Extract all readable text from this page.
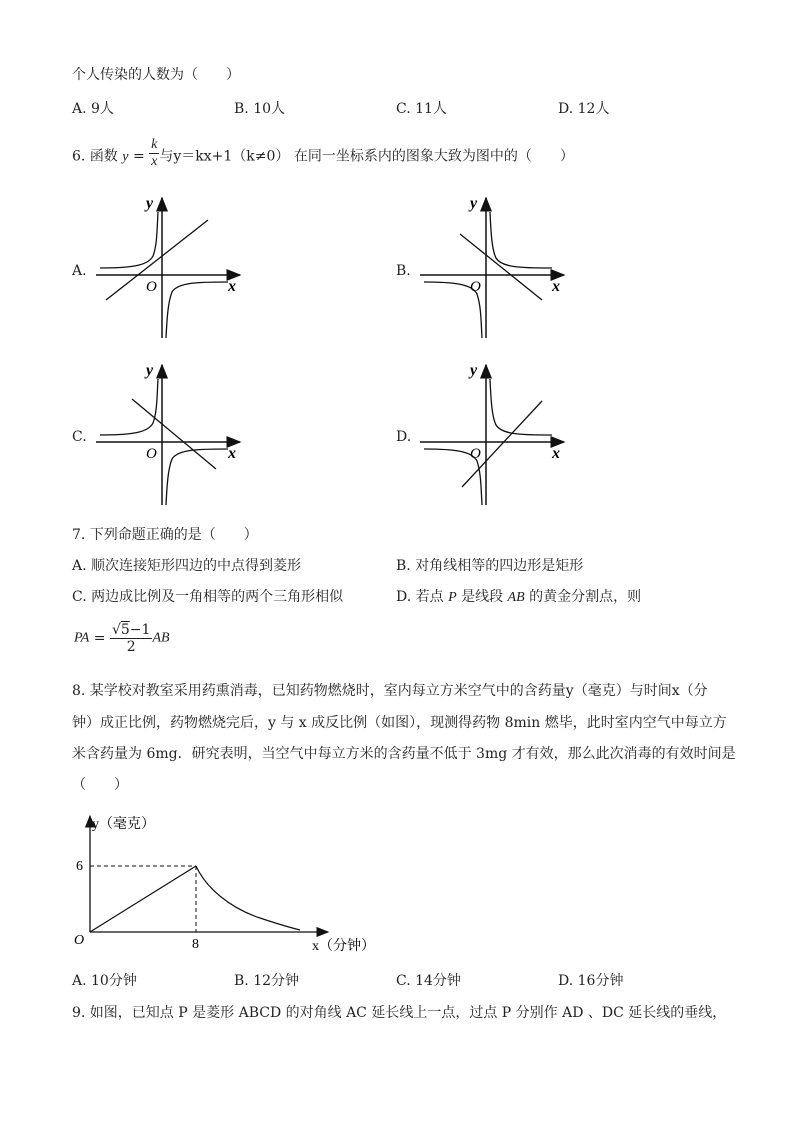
个人传染的人数为（　　）
A. 9人	B. 10人	C. 11人	D. 12人
6. 函数 $y = \frac{k}{x}$ 与y＝kx+1（k≠0） 在同一坐标系内的图象大致为图中的（　　）
A.	B.
C.	D.
y
x
O
y
x
O
y
x
O
y
x
O
7. 下列命题正确的是（　　）
A. 顺次连接矩形四边的中点得到菱形	B. 对角线相等的四边形是矩形
C. 两边成比例及一角相等的两个三角形相似	D. 若点 P 是线段 AB 的黄金分割点，则
PA = $\frac{√5-1}{2}$ AB
8. 某学校对教室采用药熏消毒，已知药物燃烧时，室内每立方米空气中的含药量y（毫克）与时间x（分
钟）成正比例，药物燃烧完后，y 与 x 成反比例（如图），现测得药物 8min 燃毕，此时室内空气中每立方
米含药量为 6mg．研究表明，当空气中每立方米的含药量不低于 3mg 才有效，那么此次消毒的有效时间是
（　　）
y（毫克）
x（分钟）
O
6
8
A. 10分钟	B. 12分钟	C. 14分钟	D. 16分钟
9. 如图，已知点 P 是菱形 ABCD 的对角线 AC 延长线上一点，过点 P 分别作 AD 、DC 延长线的垂线，
